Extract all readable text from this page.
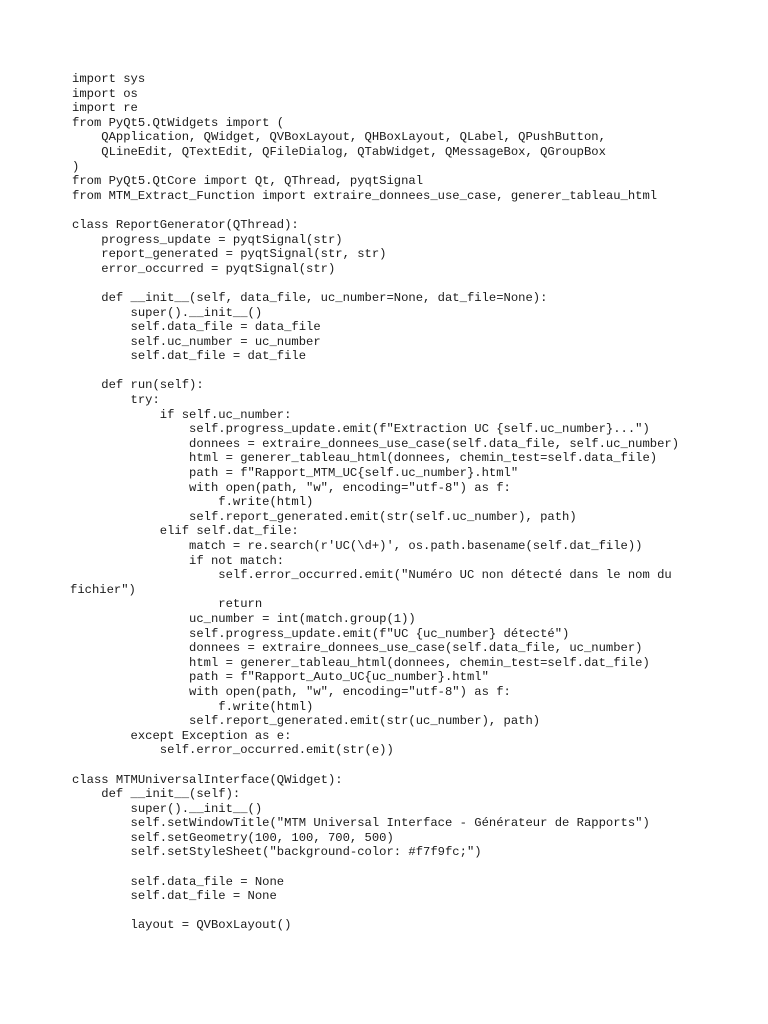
import sys
import os
import re
from PyQt5.QtWidgets import (
QApplication, QWidget, QVBoxLayout, QHBoxLayout, QLabel, QPushButton,
QLineEdit, QTextEdit, QFileDialog, QTabWidget, QMessageBox, QGroupBox
)
from PyQt5.QtCore import Qt, QThread, pyqtSignal
from MTM_Extract_Function import extraire_donnees_use_case, generer_tableau_html
class ReportGenerator(QThread):
progress_update = pyqtSignal(str)
report_generated = pyqtSignal(str, str)
error_occurred = pyqtSignal(str)
def __init__(self, data_file, uc_number=None, dat_file=None):
super().__init__()
self.data_file = data_file
self.uc_number = uc_number
self.dat_file = dat_file
def run(self):
try:
if self.uc_number:
self.progress_update.emit(f"Extraction UC {self.uc_number}...")
donnees = extraire_donnees_use_case(self.data_file, self.uc_number)
html = generer_tableau_html(donnees, chemin_test=self.data_file)
path = f"Rapport_MTM_UC{self.uc_number}.html"
with open(path, "w", encoding="utf-8") as f:
f.write(html)
self.report_generated.emit(str(self.uc_number), path)
elif self.dat_file:
match = re.search(r'UC(\d+)', os.path.basename(self.dat_file))
if not match:
self.error_occurred.emit("Numéro UC non détecté dans le nom du
fichier")
return
uc_number = int(match.group(1))
self.progress_update.emit(f"UC {uc_number} détecté")
donnees = extraire_donnees_use_case(self.data_file, uc_number)
html = generer_tableau_html(donnees, chemin_test=self.dat_file)
path = f"Rapport_Auto_UC{uc_number}.html"
with open(path, "w", encoding="utf-8") as f:
f.write(html)
self.report_generated.emit(str(uc_number), path)
except Exception as e:
self.error_occurred.emit(str(e))
class MTMUniversalInterface(QWidget):
def __init__(self):
super().__init__()
self.setWindowTitle("MTM Universal Interface - Générateur de Rapports")
self.setGeometry(100, 100, 700, 500)
self.setStyleSheet("background-color: #f7f9fc;")
self.data_file = None
self.dat_file = None
layout = QVBoxLayout()
